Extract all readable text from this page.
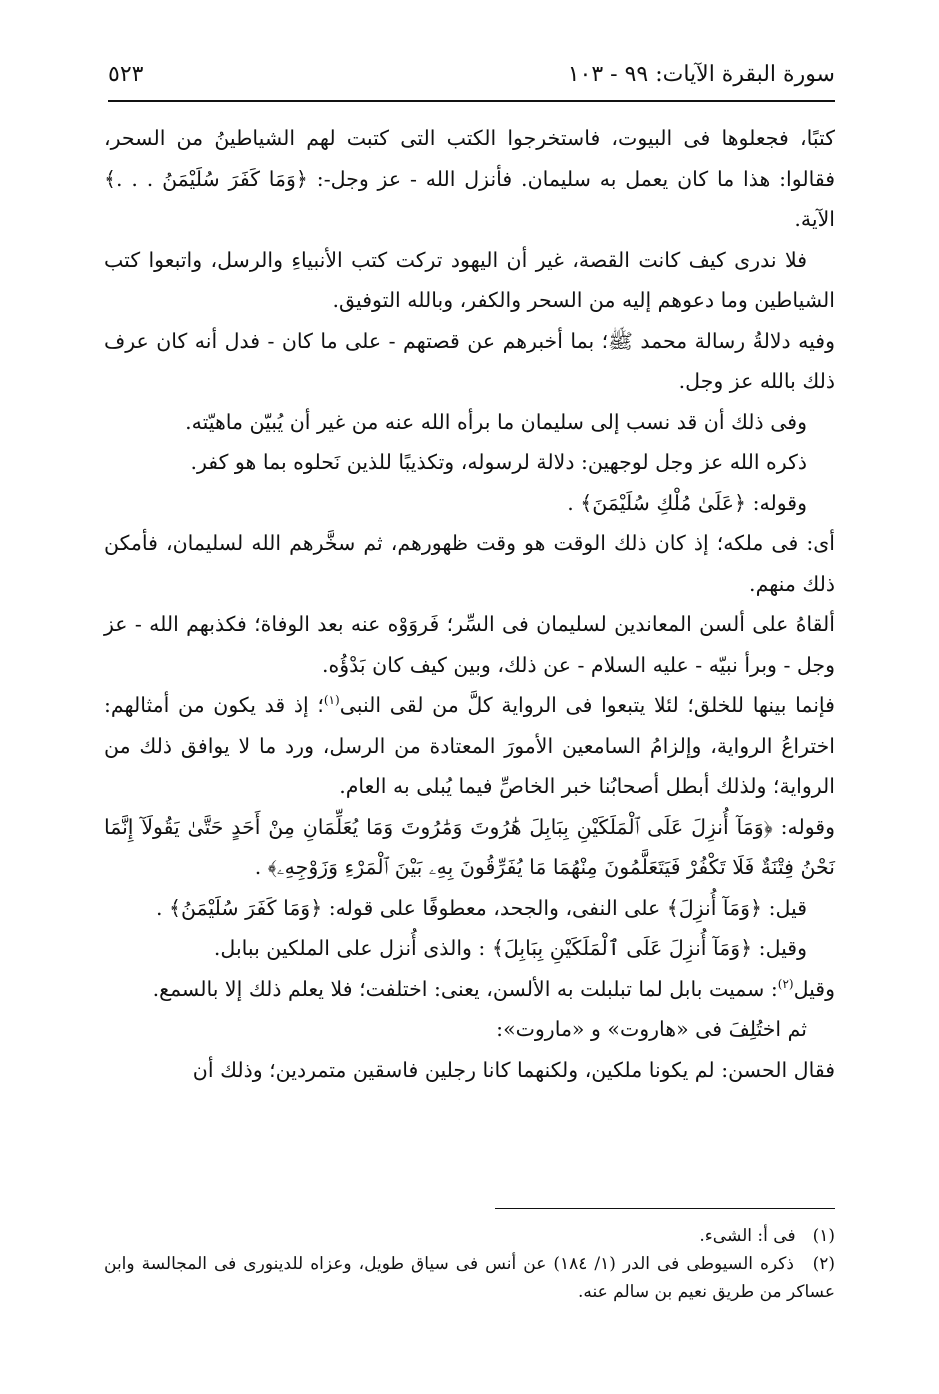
سورة البقرة الآيات: ٩٩ - ١٠٣
٥٢٣

كتبًا، فجعلوها فى البيوت، فاستخرجوا الكتب التى كتبت لهم الشياطينُ من السحر، فقالوا: هذا ما كان يعمل به سليمان. فأنزل الله - عز وجل-: ﴿وَمَا كَفَرَ سُلَيْمَنُ . . .﴾ الآية.

فلا ندرى كيف كانت القصة، غير أن اليهود تركت كتب الأنبياءِ والرسل، واتبعوا كتب الشياطين وما دعوهم إليه من السحر والكفر، وبالله التوفيق.

وفيه دلالةُ رسالة محمد ﷺ؛ بما أخبرهم عن قصتهم - على ما كان - فدل أنه كان عرف ذلك بالله عز وجل.

وفى ذلك أن قد نسب إلى سليمان ما برأه الله عنه من غير أن يُبيّن ماهيّته.

ذكره الله عز وجل لوجهين: دلالة لرسوله، وتكذيبًا للذين نَحلوه بما هو كفر.

وقوله: ﴿عَلَىٰ مُلْكِ سُلَيْمَنَ﴾ .

أى: فى ملكه؛ إذ كان ذلك الوقت هو وقت ظهورهم، ثم سخَّرهم الله لسليمان، فأمكن ذلك منهم.

ألقاهُ على ألسن المعاندين لسليمان فى السِّر؛ فَروَوْه عنه بعد الوفاة؛ فكذبهم الله - عز وجل - وبرأ نبيّه - عليه السلام - عن ذلك، وبين كيف كان بَدْؤُه.

فإنما بينها للخلق؛ لئلا يتبعوا فى الرواية كلَّ من لقى النبى$^{(١)}$؛ إذ قد يكون من أمثالهم: اختراعُ الرواية، وإلزامُ السامعين الأمورَ المعتادة من الرسل، ورد ما لا يوافق ذلك من الرواية؛ ولذلك أبطل أصحابُنا خبر الخاصِّ فيما يُبلى به العام.

وقوله: ﴿وَمَآ أُنزِلَ عَلَى ٱلْمَلَكَيْنِ بِبَابِلَ هَٰرُوتَ وَمَٰرُوتَ وَمَا يُعَلِّمَانِ مِنْ أَحَدٍ حَتَّىٰ يَقُولَآ إِنَّمَا نَحْنُ فِتْنَةٌ فَلَا تَكْفُرْ فَيَتَعَلَّمُونَ مِنْهُمَا مَا يُفَرِّقُونَ بِهِۦ بَيْنَ ٱلْمَرْءِ وَزَوْجِهِۦ﴾ .

قيل: ﴿وَمَآ أُنزِلَ﴾ على النفى، والجحد، معطوفًا على قوله: ﴿وَمَا كَفَرَ سُلَيْمَنُ﴾ .

وقيل: ﴿وَمَآ أُنزِلَ عَلَى ٱلْمَلَكَيْنِ بِبَابِلَ﴾ : والذى أُنزل على الملكين ببابل.

وقيل$^{(٢)}$: سميت بابل لما تبلبلت به الألسن، يعنى: اختلفت؛ فلا يعلم ذلك إلا بالسمع.

ثم اختُلِفَ فى «هاروت» و «ماروت»:

فقال الحسن: لم يكونا ملكين، ولكنهما كانا رجلين فاسقين متمردين؛ وذلك أن

(١) فى أ: الشىء.

(٢) ذكره السيوطى فى الدر (١/ ١٨٤) عن أنس فى سياق طويل، وعزاه للدينورى فى المجالسة وابن عساكر من طريق نعيم بن سالم عنه.
